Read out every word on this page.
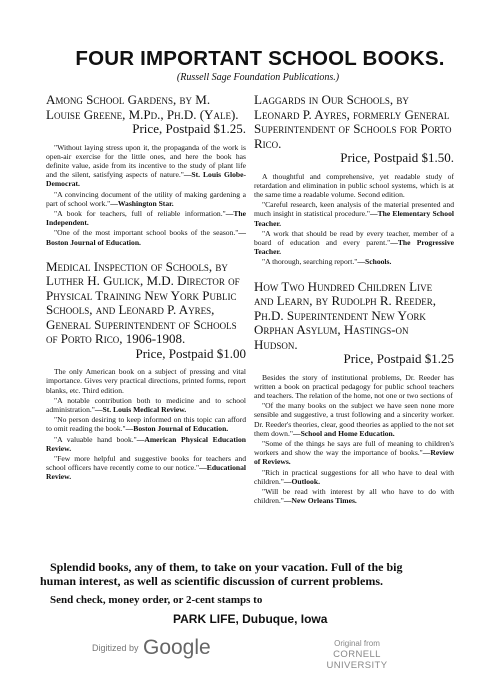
FOUR IMPORTANT SCHOOL BOOKS.
(Russell Sage Foundation Publications.)

Among School Gardens, by M. Louise Greene, M.Pd., Ph.D. (Yale).
Price, Postpaid $1.25.

"Without laying stress upon it, the propaganda of the work is open-air exercise for the little ones, and here the book has definite value, aside from its incentive to the study of plant life and the silent, satisfying aspects of nature."—St. Louis Globe-Democrat.

"A convincing document of the utility of making gardening a part of school work."—Washington Star.

"A book for teachers, full of reliable information."—The Independent.

"One of the most important school books of the season."—Boston Journal of Education.

Medical Inspection of Schools, by Luther H. Gulick, M.D. Director of Physical Training New York Public Schools, and Leonard P. Ayres, General Superintendent of Schools of Porto Rico, 1906-1908.
Price, Postpaid $1.00

The only American book on a subject of pressing and vital importance. Gives very practical directions, printed forms, report blanks, etc. Third edition.

"A notable contribution both to medicine and to school administration."—St. Louis Medical Review.

"No person desiring to keep informed on this topic can afford to omit reading the book."—Boston Journal of Education.

"A valuable hand book."—American Physical Education Review.

"Few more helpful and suggestive books for teachers and school officers have recently come to our notice."—Educational Review.

Laggards in Our Schools, by Leonard P. Ayres, formerly General Superintendent of Schools for Porto Rico.
Price, Postpaid $1.50.

A thoughtful and comprehensive, yet readable study of retardation and elimination in public school systems, which is at the same time a readable volume. Second edition.

"Careful research, keen analysis of the material presented and much insight in statistical procedure."—The Elementary School Teacher.

"A work that should be read by every teacher, member of a board of education and every parent."—The Progressive Teacher.

"A thorough, searching report."—Schools.

How Two Hundred Children Live and Learn, by Rudolph R. Reeder, Ph.D. Superintendent New York Orphan Asylum, Hastings-on Hudson.
Price, Postpaid $1.25

Besides the story of institutional problems, Dr. Reeder has written a book on practical pedagogy for public school teachers and teachers. The relation of the home, not one or two sections of

"Of the many books on the subject we have seen none more sensible and suggestive, a trust following and a sincerity worker. Dr. Reeder's theories, clear, good theories as applied to the not set them down."—School and Home Education.

"Some of the things he says are full of meaning to children's workers and show the way the importance of books."—Review of Reviews.

"Rich in practical suggestions for all who have to deal with children."—Outlook.

"Will be read with interest by all who have to do with children."—New Orleans Times.

Splendid books, any of them, to take on your vacation. Full of the big
human interest, as well as scientific discussion of current problems.
Send check, money order, or 2-cent stamps to
PARK LIFE, Dubuque, Iowa
Digitized by Google	Original from
CORNELL UNIVERSITY
